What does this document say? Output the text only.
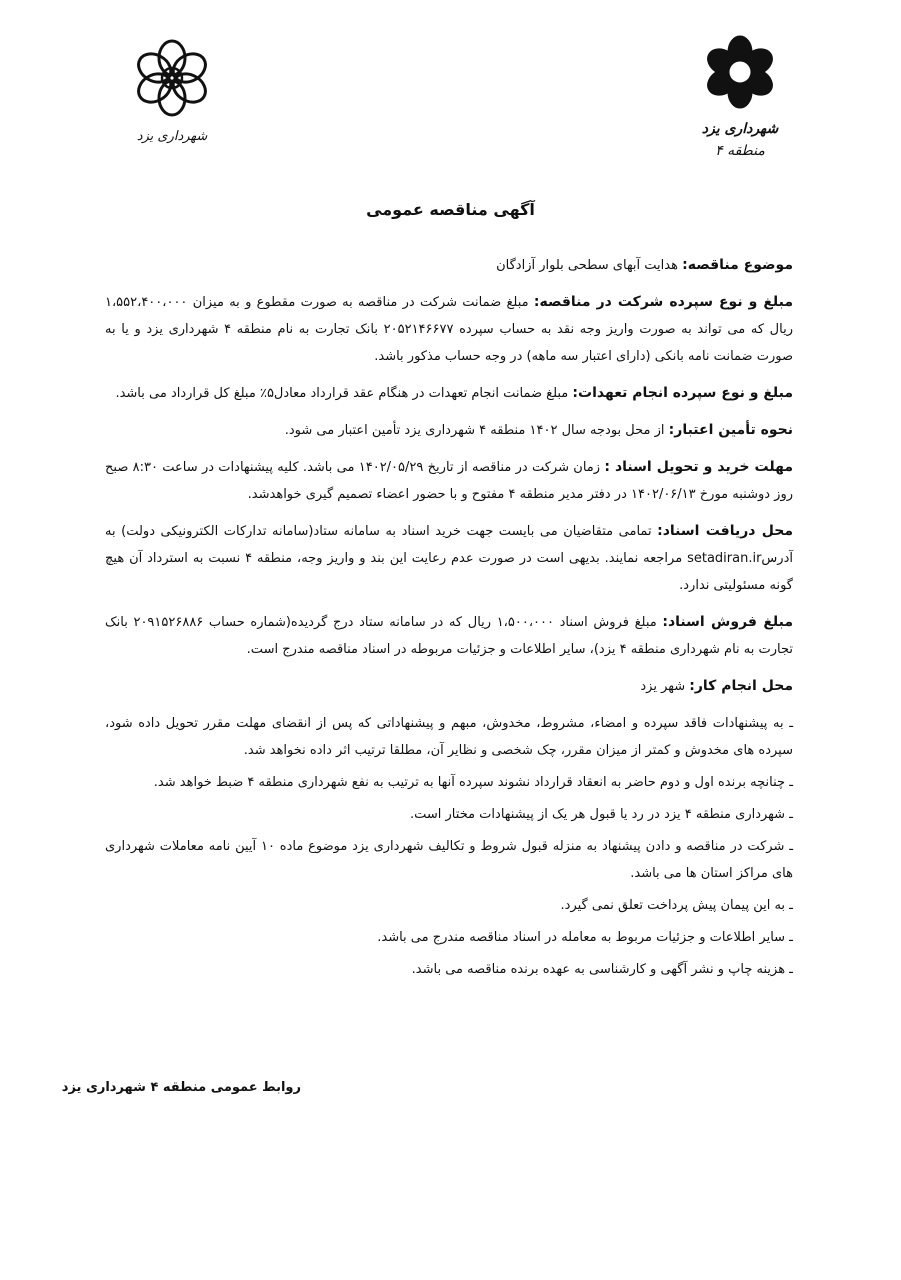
شهرداری یزد	شهرداری یزد
منطقه ۴
آگهی مناقصه عمومی
موضوع مناقصه: هدایت آبهای سطحی بلوار آزادگان
مبلغ و نوع سپرده شرکت در مناقصه: مبلغ ضمانت شرکت در مناقصه به صورت مقطوع و به میزان ۱،۵۵۲،۴۰۰،۰۰۰ ریال که می تواند به صورت واریز وجه نقد به حساب سپرده ۲۰۵۲۱۴۶۶۷۷ بانک تجارت به نام منطقه ۴ شهرداری یزد و یا به صورت ضمانت نامه بانکی (دارای اعتبار سه ماهه) در وجه حساب مذکور باشد.
مبلغ و نوع سپرده انجام تعهدات: مبلغ ضمانت انجام تعهدات در هنگام عقد قرارداد معادل۵٪ مبلغ کل قرارداد می باشد.
نحوه تأمین اعتبار: از محل بودجه سال ۱۴۰۲ منطقه ۴ شهرداری یزد تأمین اعتبار می شود.
مهلت خرید و تحویل اسناد : زمان شرکت در مناقصه از تاریخ ۱۴۰۲/۰۵/۲۹ می باشد. کلیه پیشنهادات در ساعت ۸:۳۰ صبح روز دوشنبه مورخ ۱۴۰۲/۰۶/۱۳ در دفتر مدیر منطقه ۴ مفتوح و با حضور اعضاء تصمیم گیری خواهدشد.
محل دریافت اسناد: تمامی متقاضیان می بایست جهت خرید اسناد به سامانه ستاد(سامانه تدارکات الکترونیکی دولت) به آدرسsetadiran.ir مراجعه نمایند. بدیهی است در صورت عدم رعایت این بند و واریز وجه، منطقه ۴ نسبت به استرداد آن هیچ گونه مسئولیتی ندارد.
مبلغ فروش اسناد: مبلغ فروش اسناد ۱،۵۰۰،۰۰۰ ریال که در سامانه ستاد درج گردیده(شماره حساب ۲۰۹۱۵۲۶۸۸۶ بانک تجارت به نام شهرداری منطقه ۴ یزد)، سایر اطلاعات و جزئیات مربوطه در اسناد مناقصه مندرج است.
محل انجام کار: شهر یزد
ـ به پیشنهادات فاقد سپرده و امضاء، مشروط، مخدوش، مبهم و پیشنهاداتی که پس از انقضای مهلت مقرر تحویل داده شود، سپرده های مخدوش و کمتر از میزان مقرر، چک شخصی و نظایر آن، مطلقا ترتیب اثر داده نخواهد شد.
ـ چنانچه برنده اول و دوم حاضر به انعقاد قرارداد نشوند سپرده آنها به ترتیب به نفع شهرداری منطقه ۴ ضبط خواهد شد.
ـ شهرداری منطقه ۴ یزد در رد یا قبول هر یک از پیشنهادات مختار است.
ـ شرکت در مناقصه و دادن پیشنهاد به منزله قبول شروط و تکالیف شهرداری یزد موضوع ماده ۱۰ آیین نامه معاملات شهرداری های مراکز استان ها می باشد.
ـ به این پیمان پیش پرداخت تعلق نمی گیرد.
ـ سایر اطلاعات و جزئیات مربوط به معامله در اسناد مناقصه مندرج می باشد.
ـ هزینه چاپ و نشر آگهی و کارشناسی به عهده برنده مناقصه می باشد.
روابط عمومی منطقه ۴ شهرداری یزد
